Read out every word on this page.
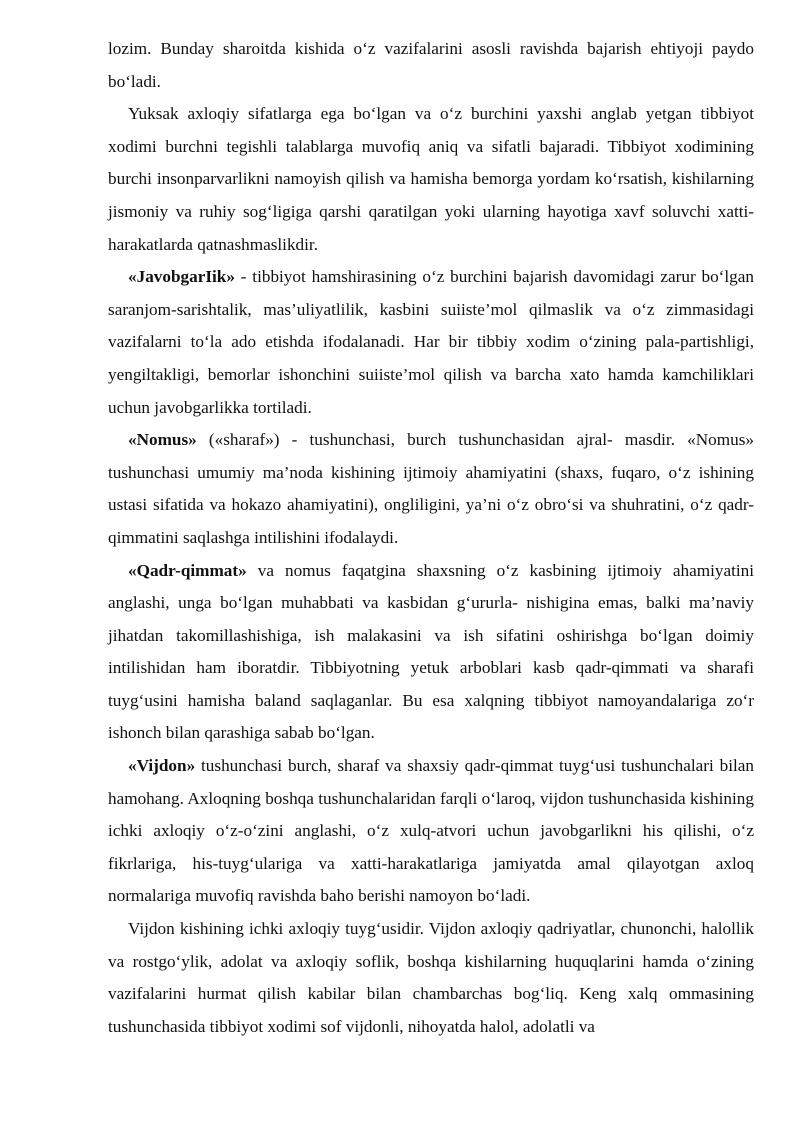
lozim. Bunday sharoitda kishida o‘z vazifalarini asosli ravishda bajarish ehtiyoji paydo bo‘ladi.

Yuksak axloqiy sifatlarga ega bo‘lgan va o‘z burchini yaxshi anglab yetgan tibbiyot xodimi burchni tegishli talablarga muvofiq aniq va sifatli bajaradi. Tibbiyot xodimining burchi insonparvarlikni namoyish qilish va hamisha bemorga yordam ko‘rsatish, kishilarning jismoniy va ruhiy sog‘ligiga qarshi qaratilgan yoki ularning hayotiga xavf soluvchi xatti-harakatlarda qatnashmaslikdir.

«JavobgarIik» - tibbiyot hamshirasining o‘z burchini bajarish davomidagi zarur bo‘lgan saranjom-sarishtalik, mas’uliyatlilik, kasbini suiiste’mol qilmaslik va o‘z zimmasidagi vazifalarni to‘la ado etishda ifodalanadi. Har bir tibbiy xodim o‘zining pala-partishligi, yengiltakligi, bemorlar ishonchini suiiste’mol qilish va barcha xato hamda kamchiliklari uchun javobgarlikka tortiladi.

«Nomus» («sharaf») - tushunchasi, burch tushunchasidan ajral- masdir. «Nomus» tushunchasi umumiy ma’noda kishining ijtimoiy ahamiyatini (shaxs, fuqaro, o‘z ishining ustasi sifatida va hokazo ahamiyatini), ongliligini, ya’ni o‘z obro‘si va shuhratini, o‘z qadr- qimmatini saqlashga intilishini ifodalaydi.

«Qadr-qimmat» va nomus faqatgina shaxsning o‘z kasbining ijtimoiy ahamiyatini anglashi, unga bo‘lgan muhabbati va kasbidan g‘ururla- nishigina emas, balki ma’naviy jihatdan takomillashishiga, ish malakasini va ish sifatini oshirishga bo‘lgan doimiy intilishidan ham iboratdir. Tibbiyotning yetuk arboblari kasb qadr-qimmati va sharafi tuyg‘usini hamisha baland saqlaganlar. Bu esa xalqning tibbiyot namoyandalariga zo‘r ishonch bilan qarashiga sabab bo‘lgan.

«Vijdon» tushunchasi burch, sharaf va shaxsiy qadr-qimmat tuyg‘usi tushunchalari bilan hamohang. Axloqning boshqa tushunchalaridan farqli o‘laroq, vijdon tushunchasida kishining ichki axloqiy o‘z-o‘zini anglashi, o‘z xulq-atvori uchun javobgarlikni his qilishi, o‘z fikrlariga, his-tuyg‘ulariga va xatti-harakatlariga jamiyatda amal qilayotgan axloq normalariga muvofiq ravishda baho berishi namoyon bo‘ladi.

Vijdon kishining ichki axloqiy tuyg‘usidir. Vijdon axloqiy qadriyatlar, chunonchi, halollik va rostgo‘ylik, adolat va axloqiy soflik, boshqa kishilarning huquqlarini hamda o‘zining vazifalarini hurmat qilish kabilar bilan chambarchas bog‘liq. Keng xalq ommasining tushunchasida tibbiyot xodimi sof vijdonli, nihoyatda halol, adolatli va
